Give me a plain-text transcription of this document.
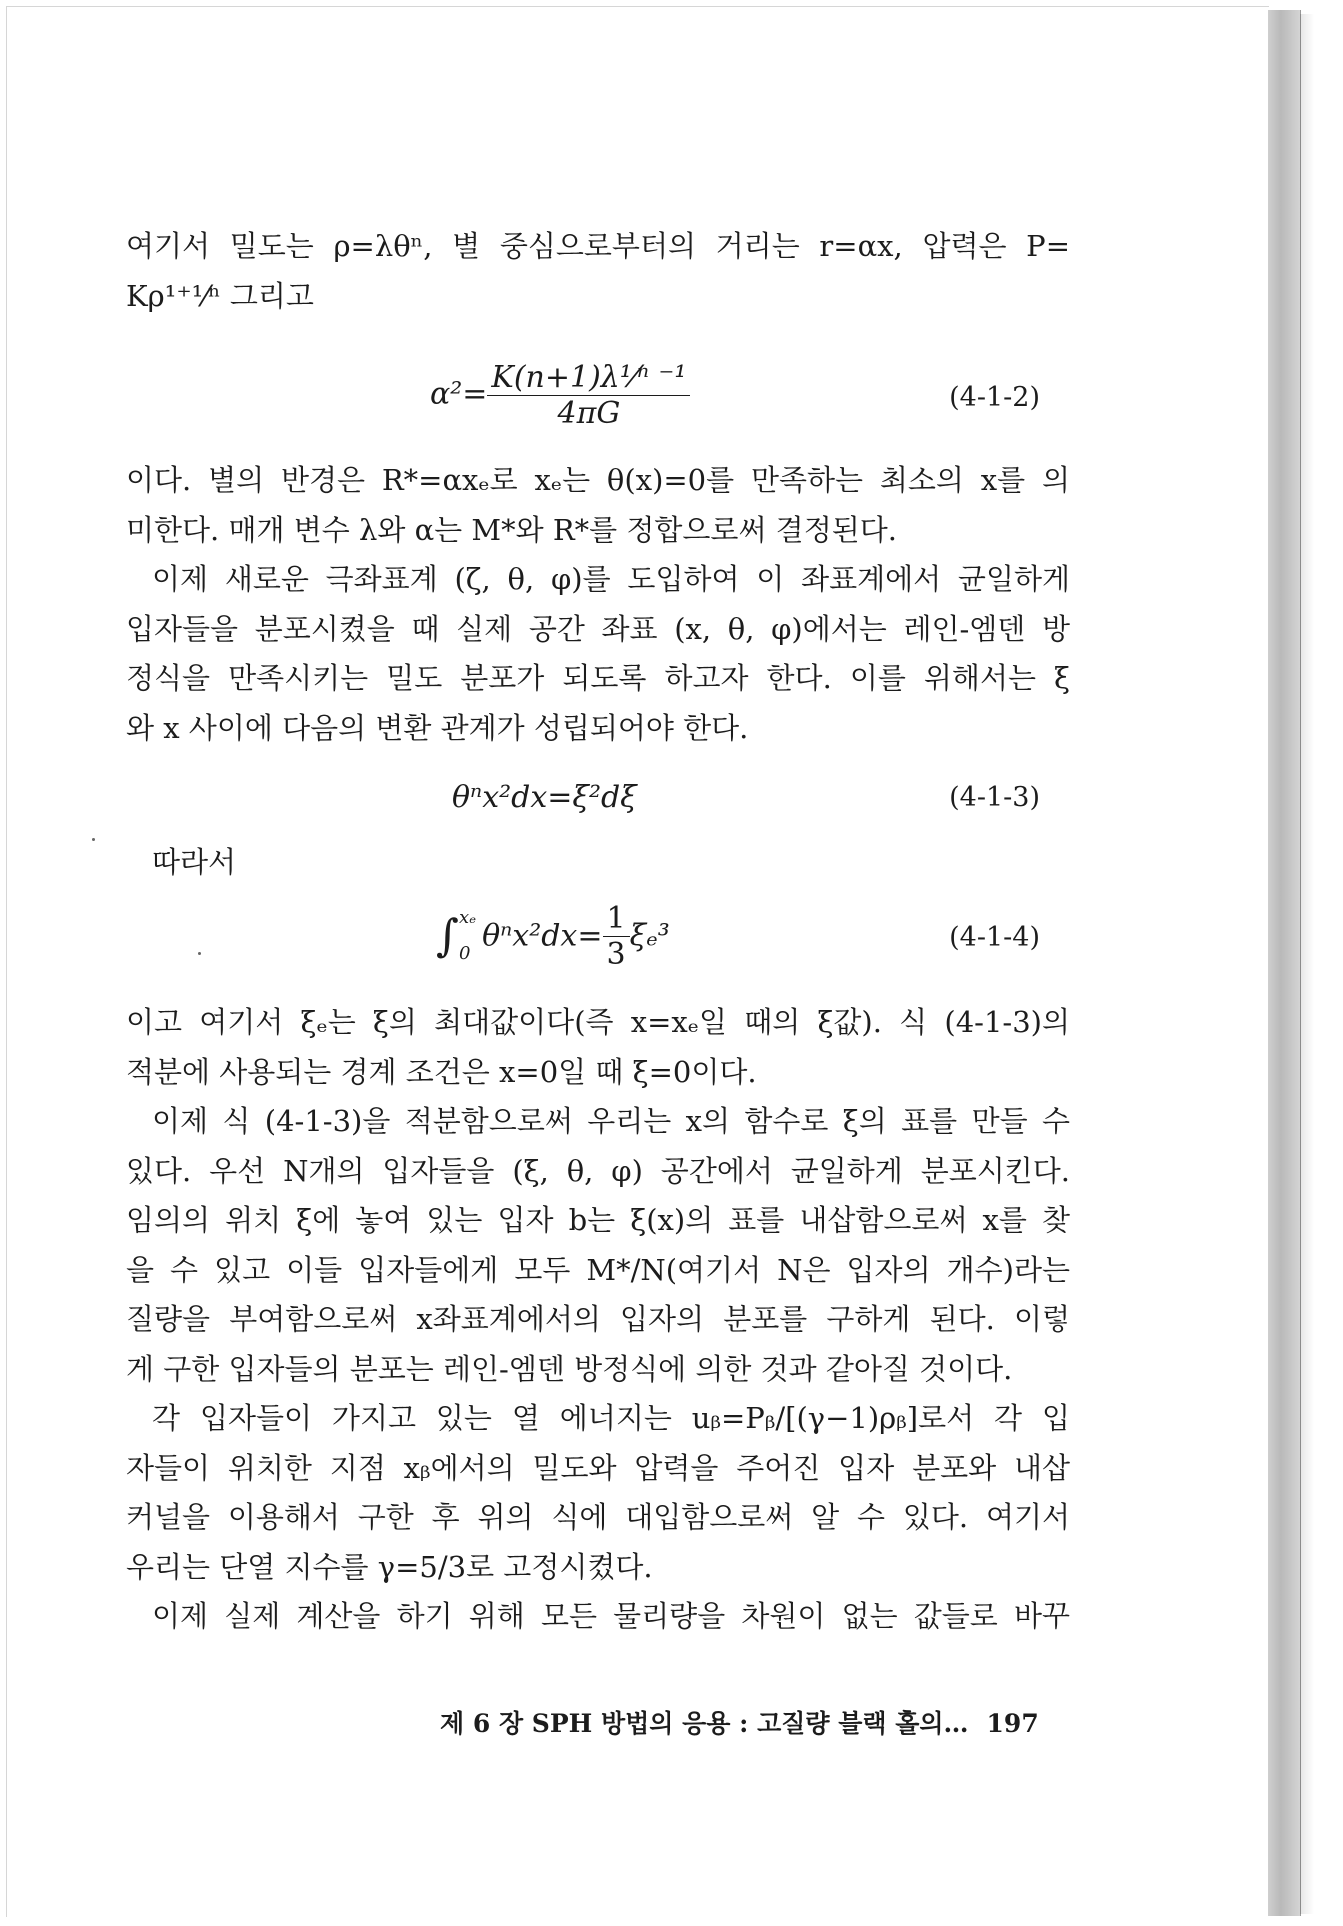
여기서 밀도는 ρ=λθⁿ, 별 중심으로부터의 거리는 r=αx, 압력은 P=
Kρ¹⁺¹⁄ⁿ 그리고
$\alpha^2= \frac{\text{K(n+1)λ¹⁄ⁿ ⁻¹}}{4\pi G}$	(4-1-2)
이다. 별의 반경은 R*=αxₑ로 xₑ는 θ(x)=0를 만족하는 최소의 x를 의
미한다. 매개 변수 λ와 α는 M*와 R*를 정합으로써 결정된다.
이제 새로운 극좌표계 (ζ, θ, φ)를 도입하여 이 좌표계에서 균일하게
입자들을 분포시켰을 때 실제 공간 좌표 (x, θ, φ)에서는 레인-엠덴 방
정식을 만족시키는 밀도 분포가 되도록 하고자 한다. 이를 위해서는 ξ
와 x 사이에 다음의 변환 관계가 성립되어야 한다.
θⁿx²dx=ξ²dξ	(4-1-3)
따라서
∫ xₑ
0 $\theta^nx^2dx= \frac{1}{3} \xi_e^3$	(4-1-4)
이고 여기서 ξₑ는 ξ의 최대값이다(즉 x=xₑ일 때의 ξ값). 식 (4-1-3)의
적분에 사용되는 경계 조건은 x=0일 때 ξ=0이다.
이제 식 (4-1-3)을 적분함으로써 우리는 x의 함수로 ξ의 표를 만들 수
있다. 우선 N개의 입자들을 (ξ, θ, φ) 공간에서 균일하게 분포시킨다.
임의의 위치 ξ에 놓여 있는 입자 b는 ξ(x)의 표를 내삽함으로써 x를 찾
을 수 있고 이들 입자들에게 모두 M*/N(여기서 N은 입자의 개수)라는
질량을 부여함으로써 x좌표계에서의 입자의 분포를 구하게 된다. 이렇
게 구한 입자들의 분포는 레인-엠덴 방정식에 의한 것과 같아질 것이다.
각 입자들이 가지고 있는 열 에너지는 uᵦ=Pᵦ/[(γ−1)ρᵦ]로서 각 입
자들이 위치한 지점 xᵦ에서의 밀도와 압력을 주어진 입자 분포와 내삽
커널을 이용해서 구한 후 위의 식에 대입함으로써 알 수 있다. 여기서
우리는 단열 지수를 γ=5/3로 고정시켰다.
이제 실제 계산을 하기 위해 모든 물리량을 차원이 없는 값들로 바꾸
제 6 장 SPH 방법의 응용 : 고질량 블랙 홀의… 197
